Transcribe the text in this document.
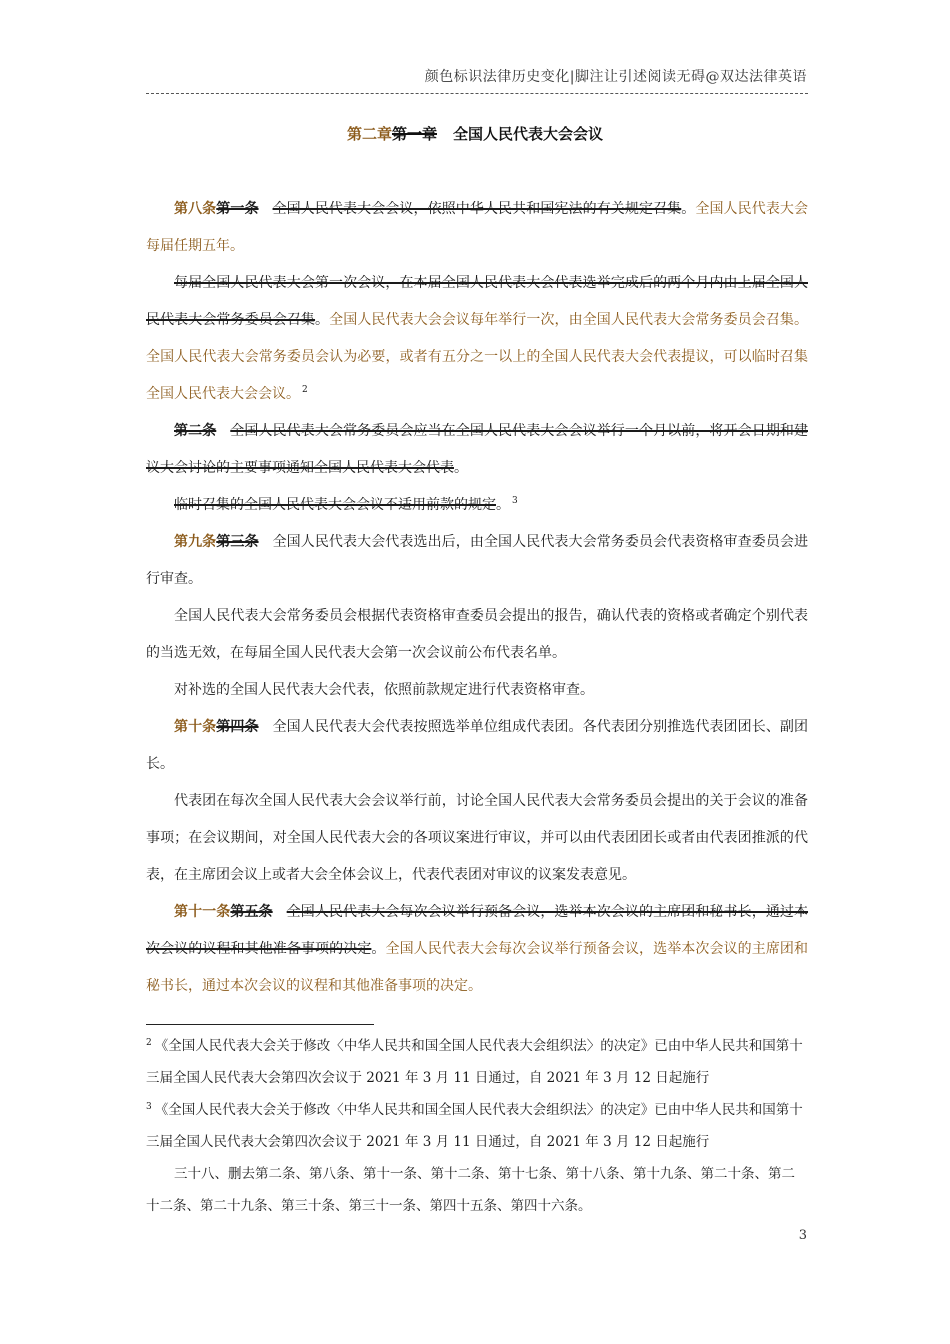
颜色标识法律历史变化|脚注让引述阅读无碍@双达法律英语
第二章第一章 全国人民代表大会会议

第八条第一条 全国人民代表大会会议，依照中华人民共和国宪法的有关规定召集。全国人民代表大会每届任期五年。

每届全国人民代表大会第一次会议，在本届全国人民代表大会代表选举完成后的两个月内由上届全国人民代表大会常务委员会召集。全国人民代表大会会议每年举行一次，由全国人民代表大会常务委员会召集。全国人民代表大会常务委员会认为必要，或者有五分之一以上的全国人民代表大会代表提议，可以临时召集全国人民代表大会会议。 $^2$

第二条 全国人民代表大会常务委员会应当在全国人民代表大会会议举行一个月以前，将开会日期和建议大会讨论的主要事项通知全国人民代表大会代表。

临时召集的全国人民代表大会会议不适用前款的规定。 $^3$

第九条第三条 全国人民代表大会代表选出后，由全国人民代表大会常务委员会代表资格审查委员会进行审查。

全国人民代表大会常务委员会根据代表资格审查委员会提出的报告，确认代表的资格或者确定个别代表的当选无效，在每届全国人民代表大会第一次会议前公布代表名单。

对补选的全国人民代表大会代表，依照前款规定进行代表资格审查。

第十条第四条 全国人民代表大会代表按照选举单位组成代表团。各代表团分别推选代表团团长、副团长。

代表团在每次全国人民代表大会会议举行前，讨论全国人民代表大会常务委员会提出的关于会议的准备事项；在会议期间，对全国人民代表大会的各项议案进行审议，并可以由代表团团长或者由代表团推派的代表，在主席团会议上或者大会全体会议上，代表代表团对审议的议案发表意见。

第十一条第五条 全国人民代表大会每次会议举行预备会议，选举本次会议的主席团和秘书长，通过本次会议的议程和其他准备事项的决定。全国人民代表大会每次会议举行预备会议，选举本次会议的主席团和秘书长，通过本次会议的议程和其他准备事项的决定。

$^2$ 《全国人民代表大会关于修改〈中华人民共和国全国人民代表大会组织法〉的决定》已由中华人民共和国第十三届全国人民代表大会第四次会议于 2021 年 3 月 11 日通过，自 2021 年 3 月 12 日起施行

$^3$ 《全国人民代表大会关于修改〈中华人民共和国全国人民代表大会组织法〉的决定》已由中华人民共和国第十三届全国人民代表大会第四次会议于 2021 年 3 月 11 日通过，自 2021 年 3 月 12 日起施行

三十八、删去第二条、第八条、第十一条、第十二条、第十七条、第十八条、第十九条、第二十条、第二十二条、第二十九条、第三十条、第三十一条、第四十五条、第四十六条。

3
